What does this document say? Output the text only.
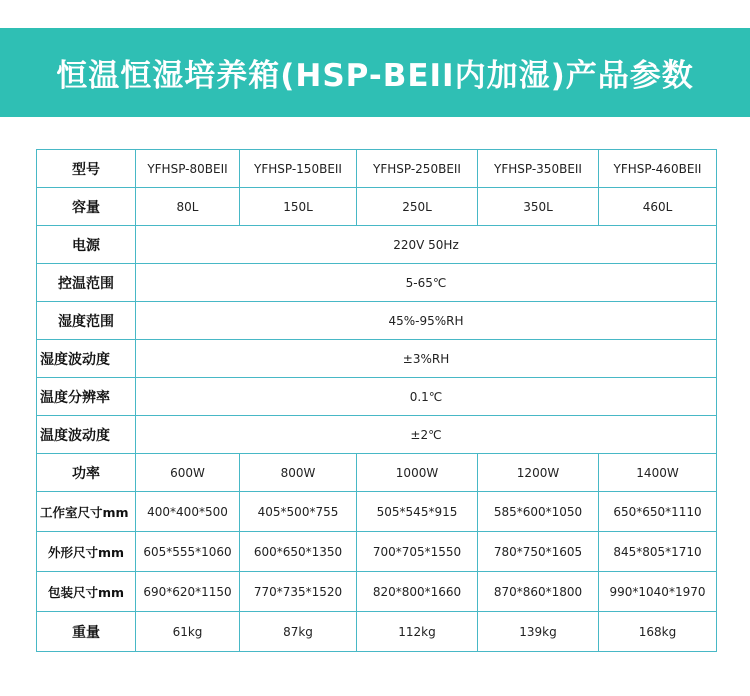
恒温恒湿培养箱(HSP-BEII内加湿)产品参数
型号	YFHSP-80BEII	YFHSP-150BEII	YFHSP-250BEII	YFHSP-350BEII	YFHSP-460BEII
容量	80L	150L	250L	350L	460L
电源	220V 50Hz				
控温范围	5-65℃				
湿度范围	45%-95%RH				
湿度波动度	±3%RH				
温度分辨率	0.1℃				
温度波动度	±2℃				
功率	600W	800W	1000W	1200W	1400W
工作室尺寸mm	400*400*500	405*500*755	505*545*915	585*600*1050	650*650*1110
外形尺寸mm	605*555*1060	600*650*1350	700*705*1550	780*750*1605	845*805*1710
包装尺寸mm	690*620*1150	770*735*1520	820*800*1660	870*860*1800	990*1040*1970
重量	61kg	87kg	112kg	139kg	168kg
